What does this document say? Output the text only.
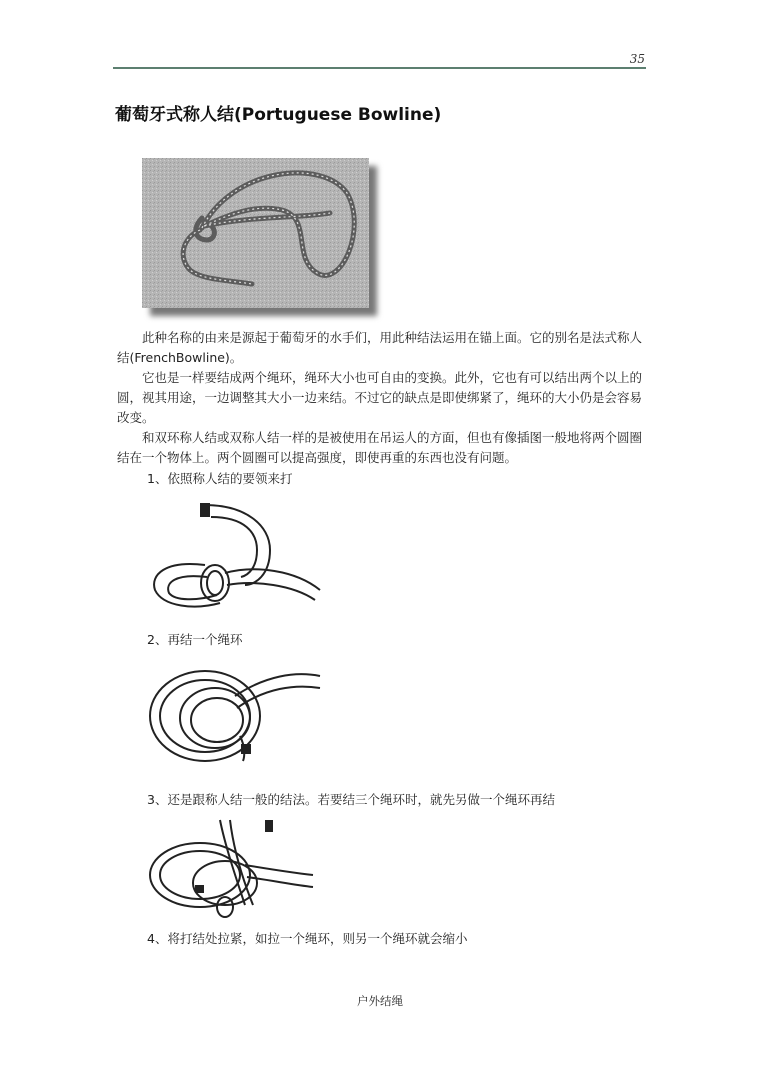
35
葡萄牙式称人结(Portuguese Bowline)

此种名称的由来是源起于葡萄牙的水手们，用此种结法运用在锚上面。它的别名是法式称人结(FrenchBowline)。

它也是一样要结成两个绳环，绳环大小也可自由的变换。此外，它也有可以结出两个以上的圆，视其用途，一边调整其大小一边来结。不过它的缺点是即使绑紧了，绳环的大小仍是会容易改变。

和双环称人结或双称人结一样的是被使用在吊运人的方面，但也有像插图一般地将两个圆圈结在一个物体上。两个圆圈可以提高强度，即使再重的东西也没有问题。

1、依照称人结的要领来打
2、再结一个绳环
3、还是跟称人结一般的结法。若要结三个绳环时，就先另做一个绳环再结
4、将打结处拉紧，如拉一个绳环，则另一个绳环就会缩小
户外结绳
